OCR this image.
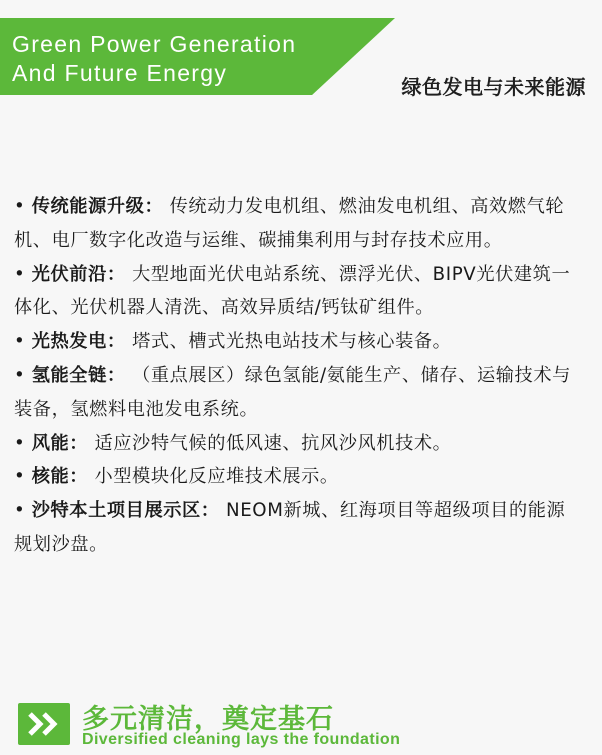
Green Power Generation
And Future Energy
绿色发电与未来能源

• 传统能源升级： 传统动力发电机组、燃油发电机组、高效燃气轮机、电厂数字化改造与运维、碳捕集利用与封存技术应用。

• 光伏前沿： 大型地面光伏电站系统、漂浮光伏、BIPV光伏建筑一体化、光伏机器人清洗、高效异质结/钙钛矿组件。

• 光热发电： 塔式、槽式光热电站技术与核心装备。

• 氢能全链： （重点展区）绿色氢能/氨能生产、储存、运输技术与装备，氢燃料电池发电系统。

• 风能： 适应沙特气候的低风速、抗风沙风机技术。

• 核能： 小型模块化反应堆技术展示。

• 沙特本土项目展示区： NEOM新城、红海项目等超级项目的能源规划沙盘。

多元清洁，奠定基石
Diversified cleaning lays the foundation
